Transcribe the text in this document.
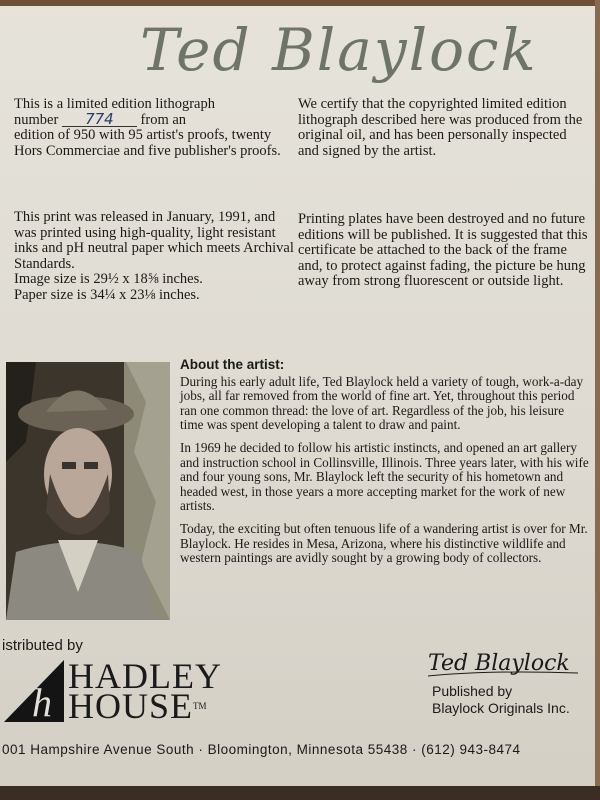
Ted Blaylock
This is a limited edition lithograph
number 774 from an
edition of 950 with 95 artist's proofs, twenty Hors Commerciae and five publisher's proofs.
This print was released in January, 1991, and was printed using high-quality, light resistant inks and pH neutral paper which meets Archival Standards.
Image size is 29½ x 18⅝ inches.
Paper size is 34¼ x 23⅛ inches.
We certify that the copyrighted limited edition lithograph described here was produced from the original oil, and has been personally inspected and signed by the artist.
Printing plates have been destroyed and no future editions will be published. It is suggested that this certificate be attached to the back of the frame and, to protect against fading, the picture be hung away from strong fluorescent or outside light.
About the artist:

During his early adult life, Ted Blaylock held a variety of tough, work-a-day jobs, all far removed from the world of fine art. Yet, throughout this period ran one common thread: the love of art. Regardless of the job, his leisure time was spent developing a talent to draw and paint.

In 1969 he decided to follow his artistic instincts, and opened an art gallery and instruction school in Collinsville, Illinois. Three years later, with his wife and four young sons, Mr. Blaylock left the security of his hometown and headed west, in those years a more accepting market for the work of new artists.

Today, the exciting but often tenuous life of a wandering artist is over for Mr. Blaylock. He resides in Mesa, Arizona, where his distinctive wildlife and western paintings are avidly sought by a growing body of collectors.

istributed by
h
HADLEY
HOUSETM
Ted Blaylock
Published by
Blaylock Originals Inc.
001 Hampshire Avenue South · Bloomington, Minnesota 55438 · (612) 943-8474
